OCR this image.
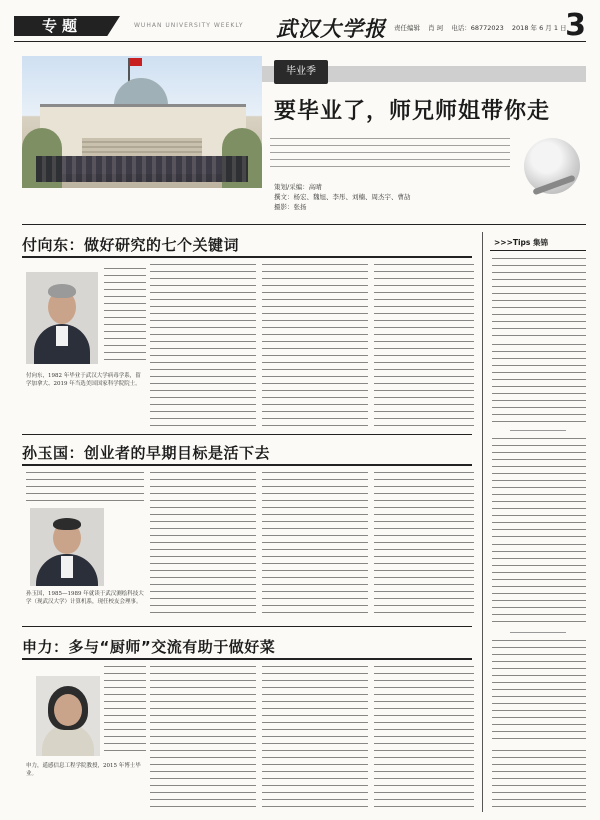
专题	WUHAN UNIVERSITY WEEKLY 武汉大学报 责任编辑 肖 珂 电话：68772023 2018 年 6 月 1 日
3
毕业季
要毕业了，师兄师姐带你走
策划/采编：高晴
撰文：杨宏、魏旭、李彤、刘楠、周杰宇、曹劼
摄影：张扬
付向东：做好研究的七个关键词
付向东，1982 年毕业于武汉大学病毒学系，留学加拿大、2019 年当选美国国家科学院院士。
孙玉国：创业者的早期目标是活下去
孙玉国，1985—1989 年就读于武汉测绘科技大学（现武汉大学）计算机系，现任校友会理事。
申力：多与“厨师”交流有助于做好菜
申力，遥感信息工程学院教授，2015 年博士毕业。
>>>Tips 集锦
